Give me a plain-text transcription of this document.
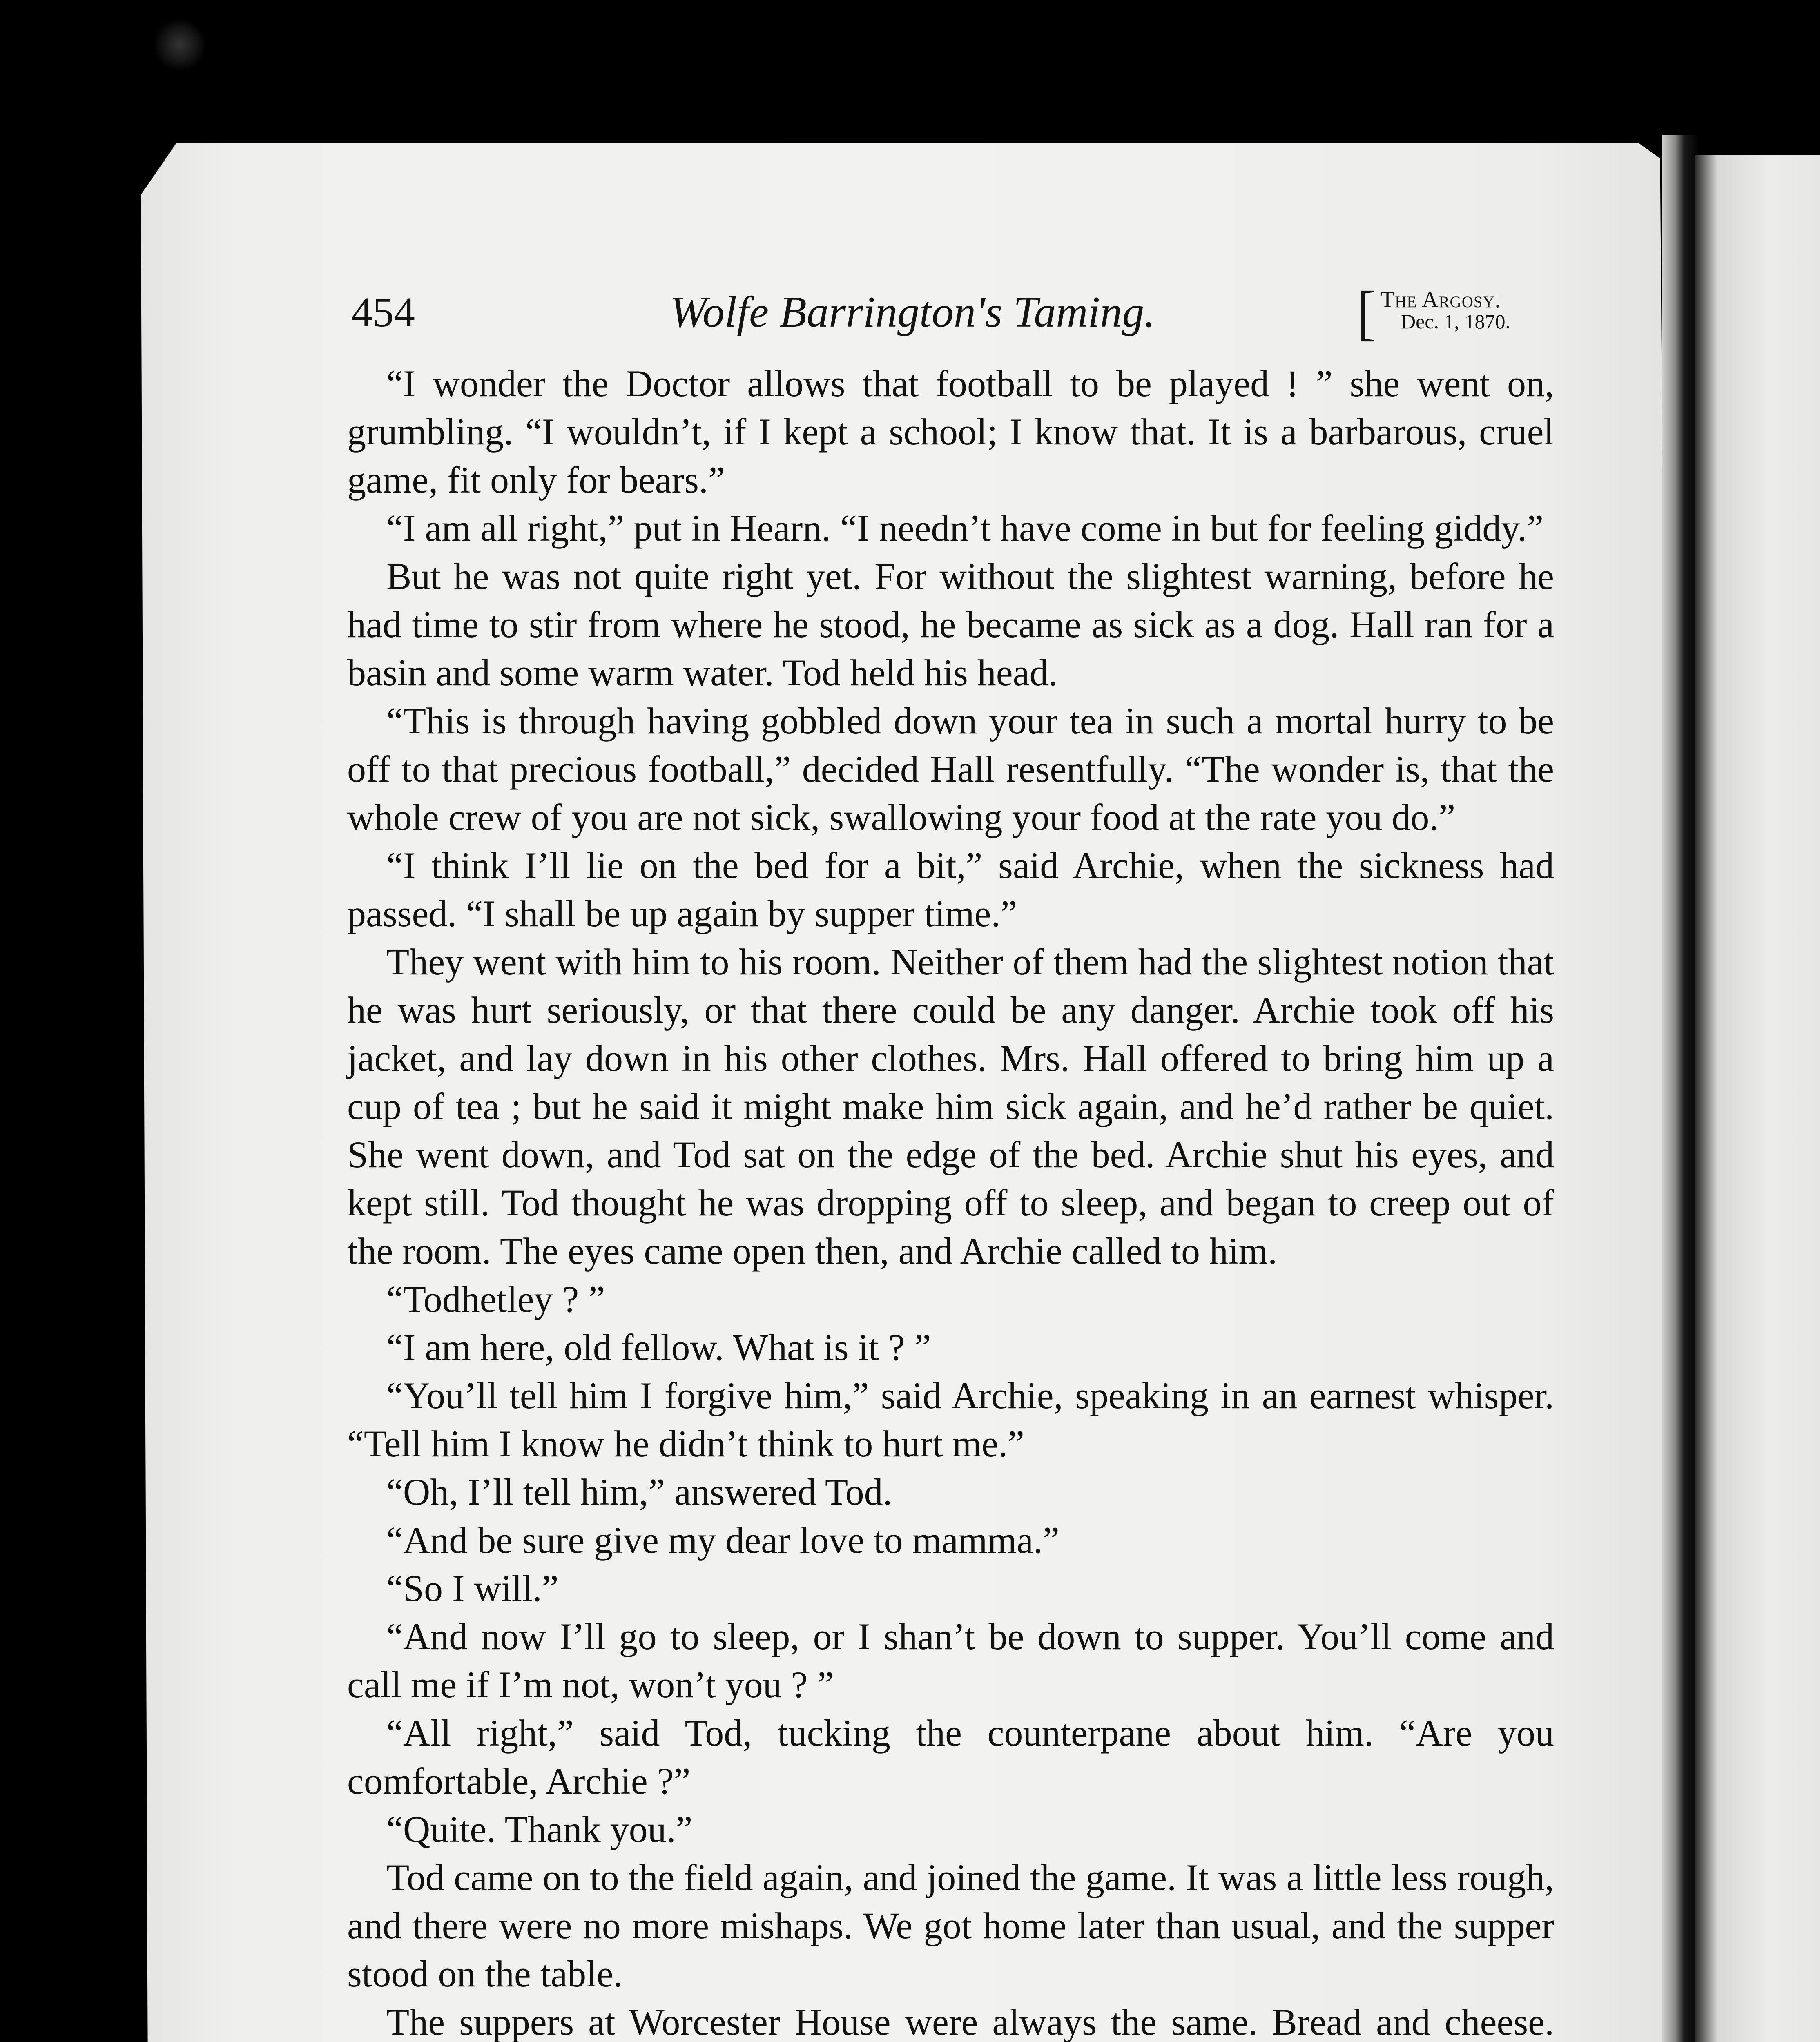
454	Wolfe Barrington's Taming.	[ The Argosy.
Dec. 1, 1870.

“I wonder the Doctor allows that football to be played ! ” she went on, grumbling. “I wouldn’t, if I kept a school; I know that. It is a barbarous, cruel game, fit only for bears.”

“I am all right,” put in Hearn. “I needn’t have come in but for feeling giddy.”

But he was not quite right yet. For without the slightest warning, before he had time to stir from where he stood, he became as sick as a dog. Hall ran for a basin and some warm water. Tod held his head.

“This is through having gobbled down your tea in such a mortal hurry to be off to that precious football,” decided Hall resentfully. “The wonder is, that the whole crew of you are not sick, swallowing your food at the rate you do.”

“I think I’ll lie on the bed for a bit,” said Archie, when the sickness had passed. “I shall be up again by supper time.”

They went with him to his room. Neither of them had the slightest notion that he was hurt seriously, or that there could be any danger. Archie took off his jacket, and lay down in his other clothes. Mrs. Hall offered to bring him up a cup of tea ; but he said it might make him sick again, and he’d rather be quiet. She went down, and Tod sat on the edge of the bed. Archie shut his eyes, and kept still. Tod thought he was dropping off to sleep, and began to creep out of the room. The eyes came open then, and Archie called to him.

“Todhetley ? ”

“I am here, old fellow. What is it ? ”

“You’ll tell him I forgive him,” said Archie, speaking in an earnest whisper. “Tell him I know he didn’t think to hurt me.”

“Oh, I’ll tell him,” answered Tod.

“And be sure give my dear love to mamma.”

“So I will.”

“And now I’ll go to sleep, or I shan’t be down to supper. You’ll come and call me if I’m not, won’t you ? ”

“All right,” said Tod, tucking the counterpane about him. “Are you comfortable, Archie ?”

“Quite. Thank you.”

Tod came on to the field again, and joined the game. It was a little less rough, and there were no more mishaps. We got home later than usual, and the supper stood on the table.

The suppers at Worcester House were always the same. Bread and cheese.
